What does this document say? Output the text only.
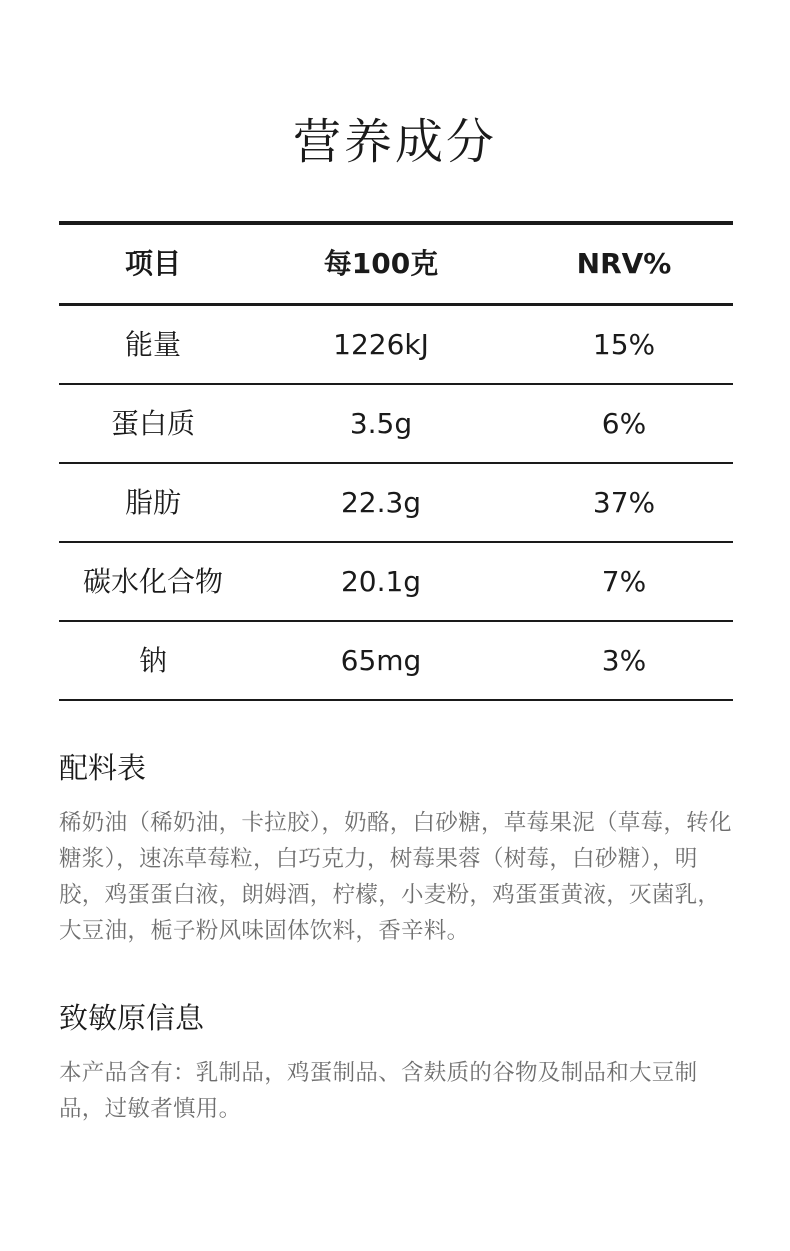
营养成分
项目	每100克	NRV%
能量	1226kJ	15%
蛋白质	3.5g	6%
脂肪	22.3g	37%
碳水化合物	20.1g	7%
钠	65mg	3%
配料表

稀奶油（稀奶油，卡拉胶），奶酪，白砂糖，草莓果泥（草莓，转化糖浆），速冻草莓粒，白巧克力，树莓果蓉（树莓，白砂糖），明胶，鸡蛋蛋白液，朗姆酒，柠檬，小麦粉，鸡蛋蛋黄液，灭菌乳，大豆油，栀子粉风味固体饮料，香辛料。

致敏原信息

本产品含有：乳制品，鸡蛋制品、含麸质的谷物及制品和大豆制品，过敏者慎用。
